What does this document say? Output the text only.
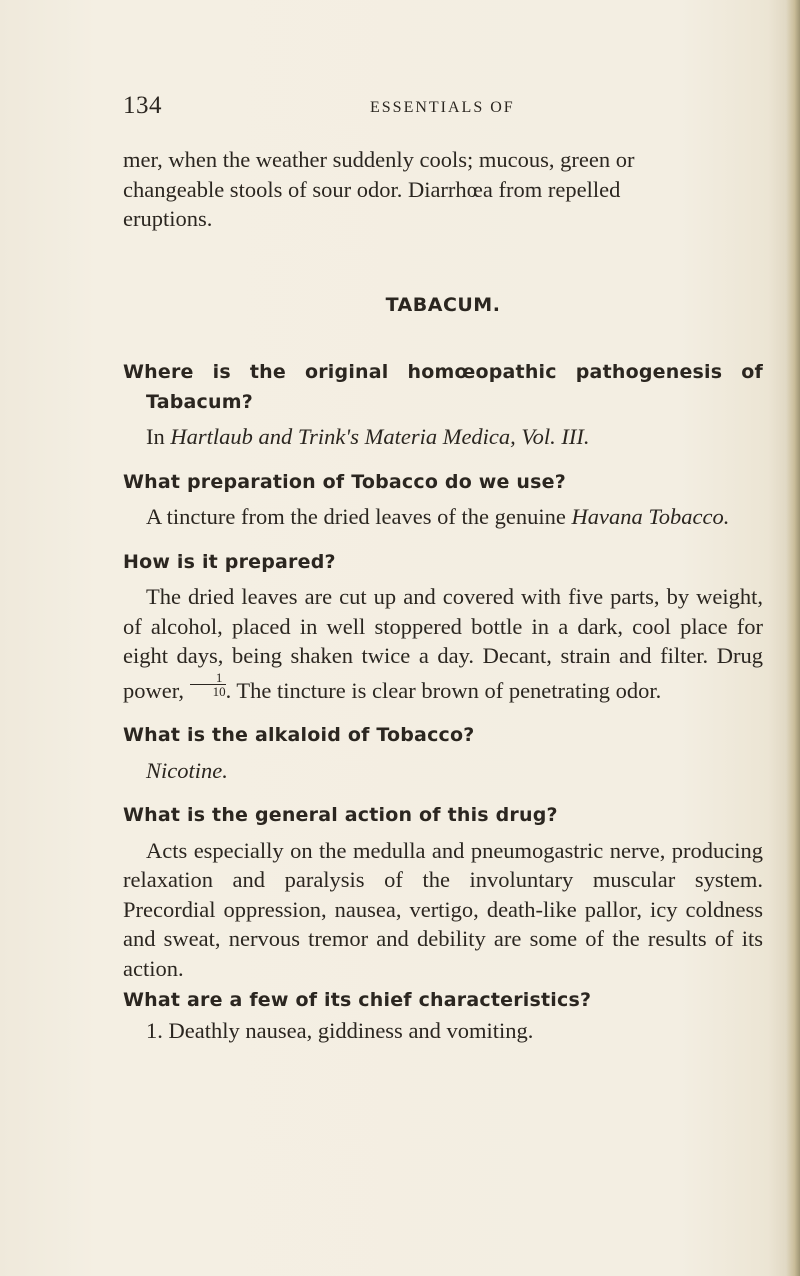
134	ESSENTIALS OF

mer, when the weather suddenly cools; mucous, green or
changeable stools of sour odor. Diarrhœa from repelled
eruptions.

TABACUM.

Where is the original homœopathic pathogenesis of Tabacum?

In Hartlaub and Trink's Materia Medica, Vol. III.

What preparation of Tobacco do we use?

A tincture from the dried leaves of the genuine Havana Tobacco.

How is it prepared?

The dried leaves are cut up and covered with five parts, by weight, of alcohol, placed in well stoppered bottle in a dark, cool place for eight days, being shaken twice a day. Decant, strain and filter. Drug power, $\frac{1}{10}$ . The tincture is clear brown of penetrating odor.

What is the alkaloid of Tobacco?

Nicotine.

What is the general action of this drug?

Acts especially on the medulla and pneumogastric nerve, producing relaxation and paralysis of the involuntary muscular system. Precordial oppression, nausea, vertigo, death-like pallor, icy coldness and sweat, nervous tremor and debility are some of the results of its action.

What are a few of its chief characteristics?

1. Deathly nausea, giddiness and vomiting.
